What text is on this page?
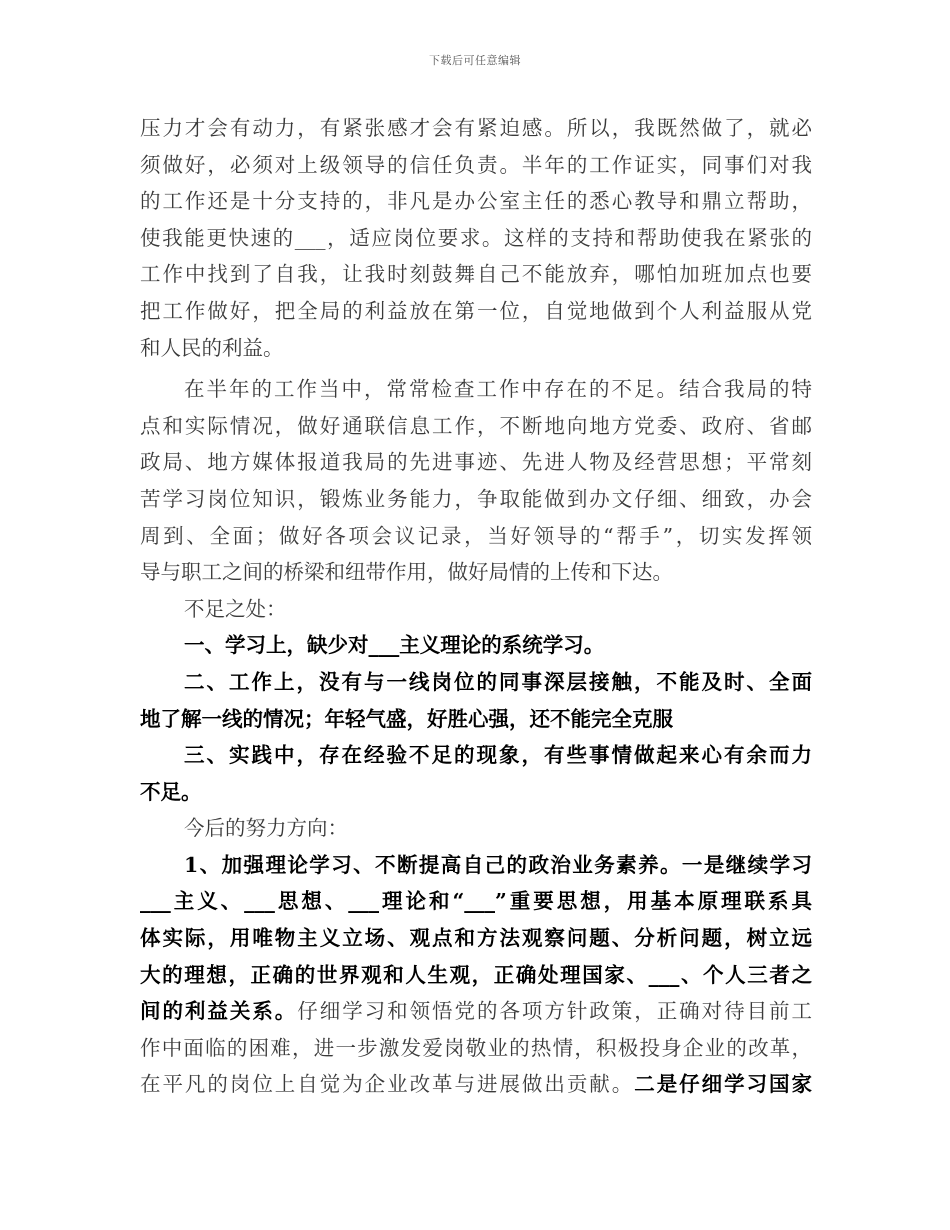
下载后可任意编辑
压力才会有动力，有紧张感才会有紧迫感。所以，我既然做了，就必
须做好，必须对上级领导的信任负责。半年的工作证实，同事们对我
的工作还是十分支持的，非凡是办公室主任的悉心教导和鼎立帮助，
使我能更快速的___，适应岗位要求。这样的支持和帮助使我在紧张的
工作中找到了自我，让我时刻鼓舞自己不能放弃，哪怕加班加点也要
把工作做好，把全局的利益放在第一位，自觉地做到个人利益服从党
和人民的利益。
在半年的工作当中，常常检查工作中存在的不足。结合我局的特
点和实际情况，做好通联信息工作，不断地向地方党委、政府、省邮
政局、地方媒体报道我局的先进事迹、先进人物及经营思想；平常刻
苦学习岗位知识，锻炼业务能力，争取能做到办文仔细、细致，办会
周到、全面；做好各项会议记录，当好领导的“帮手”，切实发挥领
导与职工之间的桥梁和纽带作用，做好局情的上传和下达。
不足之处：
一、学习上，缺少对___主义理论的系统学习。
二、工作上，没有与一线岗位的同事深层接触，不能及时、全面
地了解一线的情况；年轻气盛，好胜心强，还不能完全克服
三、实践中，存在经验不足的现象，有些事情做起来心有余而力
不足。
今后的努力方向：
1、加强理论学习、不断提高自己的政治业务素养。一是继续学习
___主义、___思想、___理论和“___”重要思想，用基本原理联系具
体实际，用唯物主义立场、观点和方法观察问题、分析问题，树立远
大的理想，正确的世界观和人生观，正确处理国家、___、个人三者之
间的利益关系。仔细学习和领悟党的各项方针政策，正确对待目前工
作中面临的困难，进一步激发爱岗敬业的热情，积极投身企业的改革，
在平凡的岗位上自觉为企业改革与进展做出贡献。二是仔细学习国家
